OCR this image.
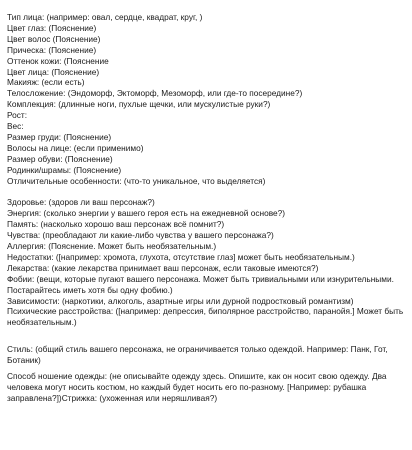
Тип лица: (например: овал, сердце, квадрат, круг, )

Цвет глаз: (Пояснение)

Цвет волос (Пояснение)

Прическа: (Пояснение)

Оттенок кожи: (Пояснение

Цвет лица: (Пояснение)

Макияж: (если есть)

Телосложение: (Эндоморф, Эктоморф, Мезоморф, или где-то посередине?)

Комплекция: (длинные ноги, пухлые щечки, или мускулистые руки?)

Рост:

Вес:

Размер груди: (Пояснение)

Волосы на лице: (если применимо)

Размер обуви: (Пояснение)

Родинки/шрамы: (Пояснение)

Отличительные особенности: (что-то уникальное, что выделяется)

Здоровье: (здоров ли ваш персонаж?)

Энергия: (сколько энергии у вашего героя есть на ежедневной основе?)

Память: (насколько хорошо ваш персонаж всё помнит?)

Чувства: (преобладают ли какие-либо чувства у вашего персонажа?)

Аллергия: (Пояснение. Может быть необязательным.)

Недостатки: ([например: хромота, глухота, отсутствие глаз] может быть необязательным.)

Лекарства: (какие лекарства принимает ваш персонаж, если таковые имеются?)

Фобии: (вещи, которые пугают вашего персонажа. Может быть тривиальными или изнурительными. Постарайтесь иметь хотя бы одну фобию.)

Зависимости: (наркотики, алкоголь, азартные игры или дурной подростковый романтизм)

Психические расстройства: ([например: депрессия, биполярное расстройство, паранойя.] Может быть необязательным.)

Стиль: (общий стиль вашего персонажа, не ограничивается только одеждой. Например: Панк, Гот, Ботаник)

Способ ношение одежды: (не описывайте одежду здесь. Опишите, как он носит свою одежду. Два человека могут носить костюм, но каждый будет носить его по-разному. [Например: рубашка заправлена?])Стрижка: (ухоженная или неряшливая?)
